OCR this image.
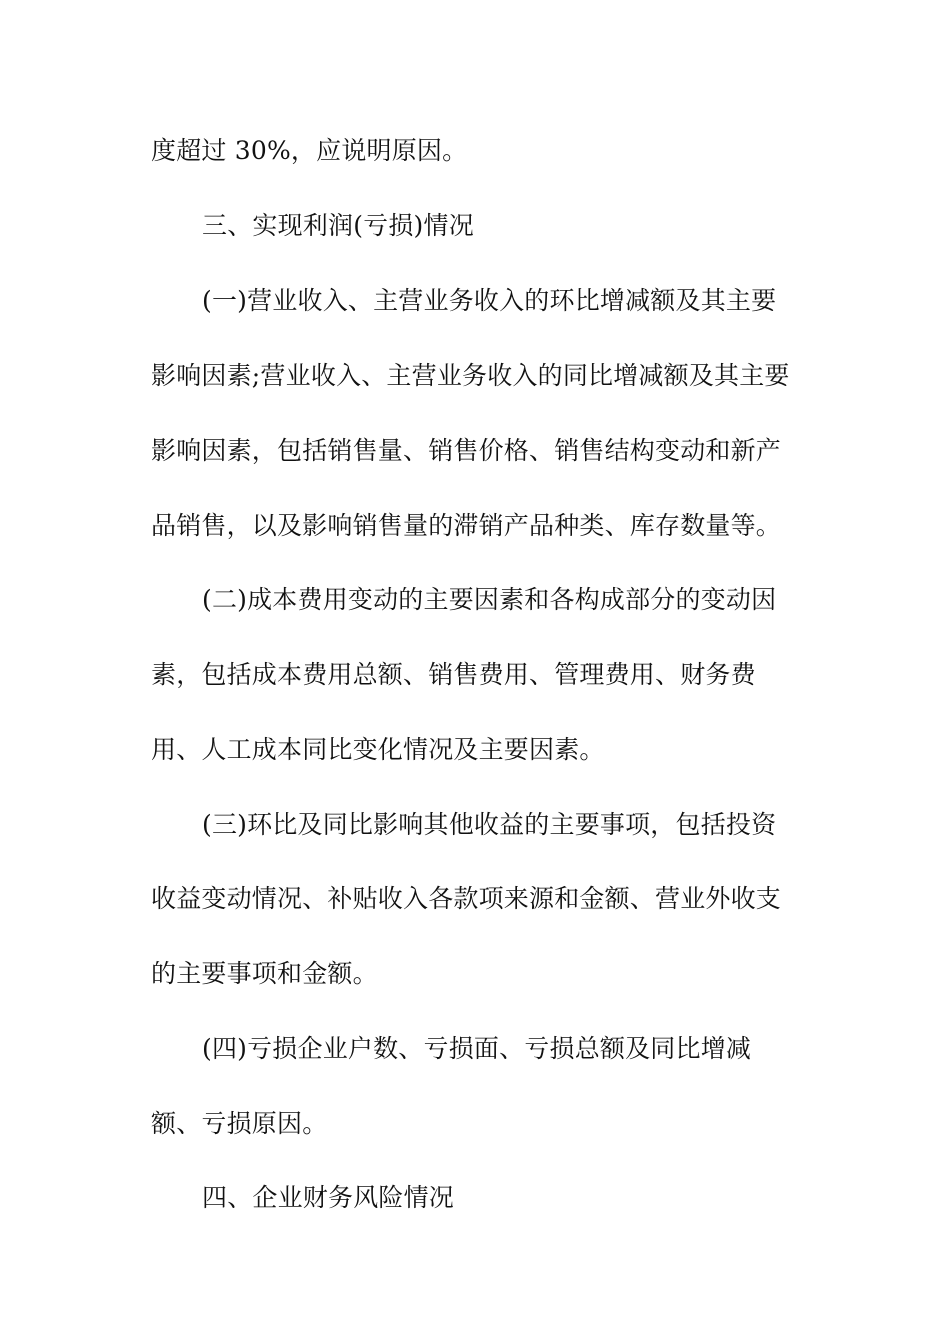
度超过 30%，应说明原因。

三、实现利润(亏损)情况

(一)营业收入、主营业务收入的环比增减额及其主要

影响因素;营业收入、主营业务收入的同比增减额及其主要

影响因素，包括销售量、销售价格、销售结构变动和新产

品销售，以及影响销售量的滞销产品种类、库存数量等。

(二)成本费用变动的主要因素和各构成部分的变动因

素，包括成本费用总额、销售费用、管理费用、财务费

用、人工成本同比变化情况及主要因素。

(三)环比及同比影响其他收益的主要事项，包括投资

收益变动情况、补贴收入各款项来源和金额、营业外收支

的主要事项和金额。

(四)亏损企业户数、亏损面、亏损总额及同比增减

额、亏损原因。

四、企业财务风险情况
